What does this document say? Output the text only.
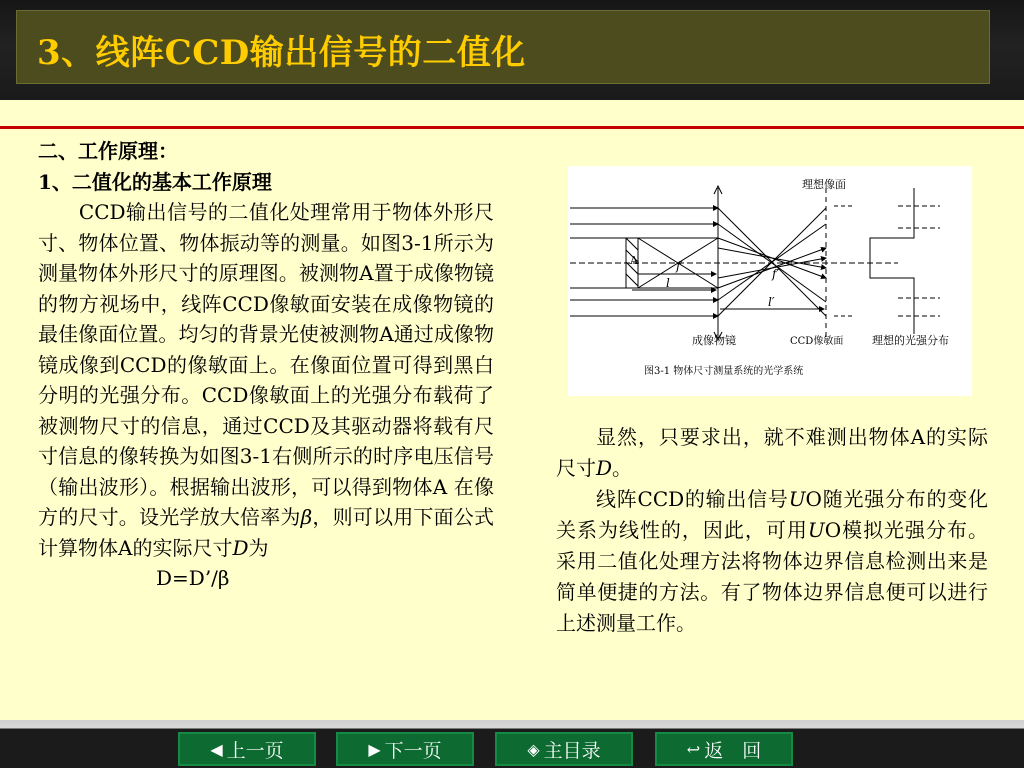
3、线阵CCD输出信号的二值化
二、工作原理：
1、二值化的基本工作原理
　　CCD输出信号的二值化处理常用于物体外形尺寸、物体位置、物体振动等的测量。如图3-1所示为测量物体外形尺寸的原理图。被测物A置于成像物镜的物方视场中，线阵CCD像敏面安装在成像物镜的最佳像面位置。均匀的背景光使被测物A通过成像物镜成像到CCD的像敏面上。在像面位置可得到黑白分明的光强分布。CCD像敏面上的光强分布载荷了被测物尺寸的信息，通过CCD及其驱动器将载有尺寸信息的像转换为如图3-1右侧所示的时序电压信号（输出波形）。根据输出波形，可以得到物体A 在像方的尺寸。设光学放大倍率为β，则可以用下面公式计算物体A的实际尺寸D为
D=D’/β
理想像面
A	f
l
f′
l′
成像物镜	CCD像敏面	理想的光强分布
图3-1 物体尺寸测量系统的光学系统
显然，只要求出，就不难测出物体A的实际尺寸D。
线阵CCD的输出信号UO随光强分布的变化关系为线性的，因此，可用UO模拟光强分布。采用二值化处理方法将物体边界信息检测出来是简单便捷的方法。有了物体边界信息便可以进行上述测量工作。
◀ 上一页	▶ 下一页	◈ 主目录	↩ 返　回
